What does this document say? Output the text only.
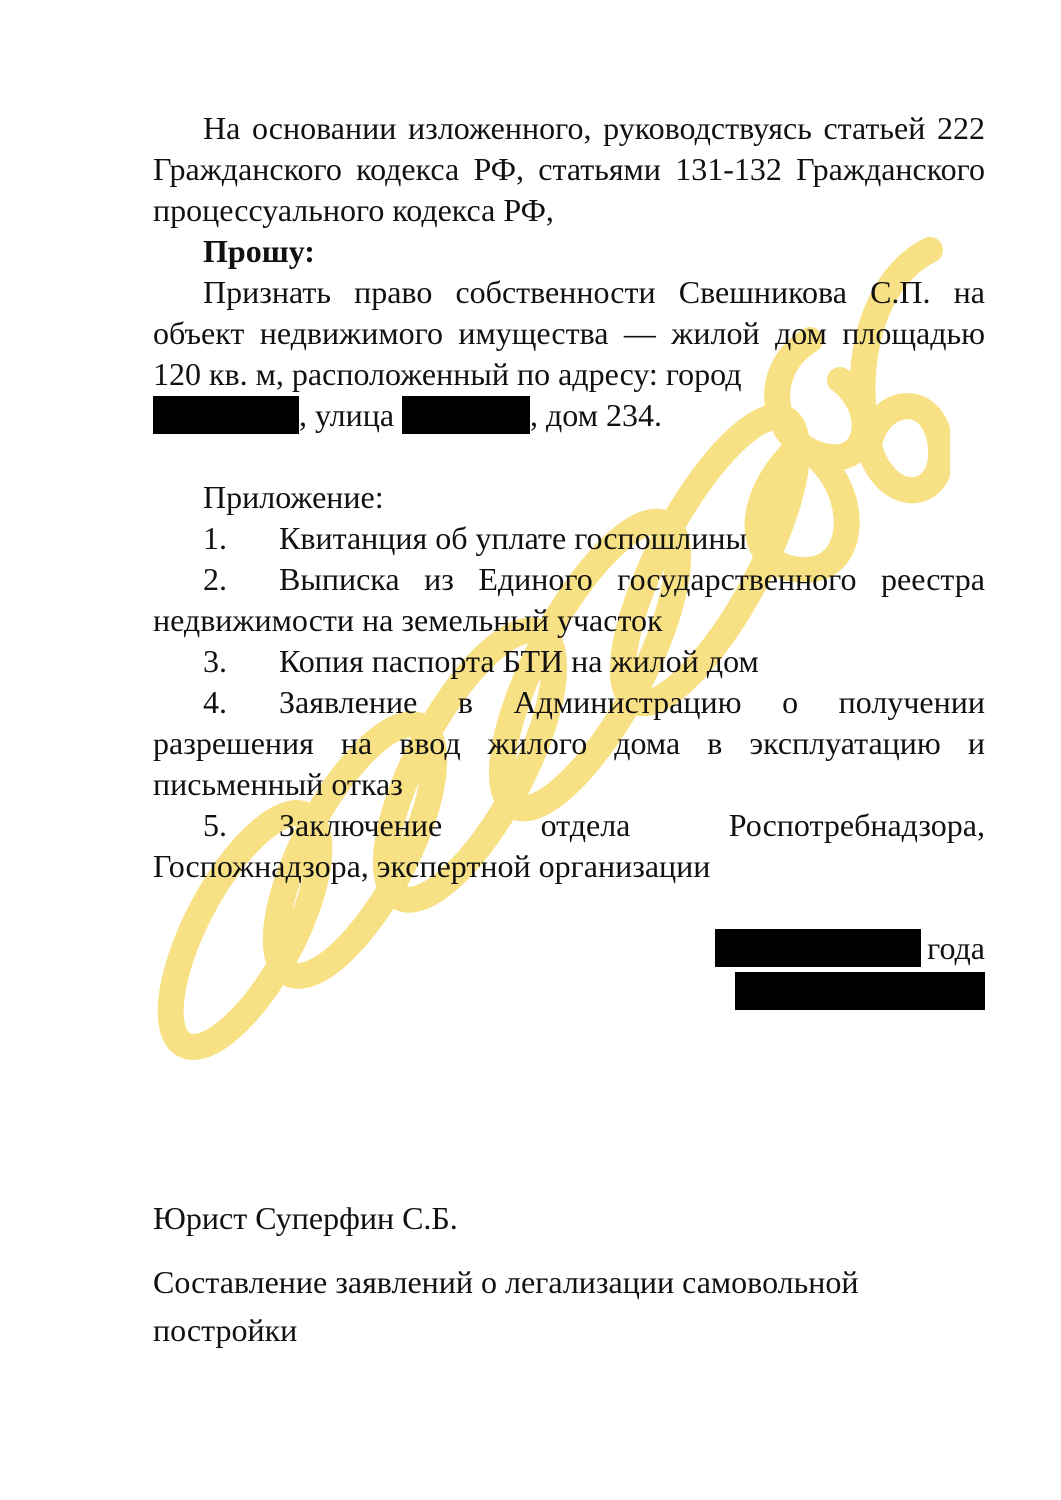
На основании изложенного, руководствуясь статьей 222 Гражданского кодекса РФ, статьями 131-132 Гражданского процессуального кодекса РФ,

Прошу:

Признать право собственности Свешникова С.П. на объект недвижимого имущества — жилой дом площадью 120 кв. м, расположенный по адресу: город
, улица	, дом 234.

Приложение:

1. Квитанция об уплате госпошлины

2. Выписка из Единого государственного реестра недвижимости на земельный участок

3. Копия паспорта БТИ на жилой дом

4. Заявление в Администрацию о получении разрешения на ввод жилого дома в эксплуатацию и письменный отказ

5. Заключение отдела Роспотребнадзора, Госпожнадзора, экспертной организации

года

Юрист Суперфин С.Б.

Составление заявлений о легализации самовольной постройки
